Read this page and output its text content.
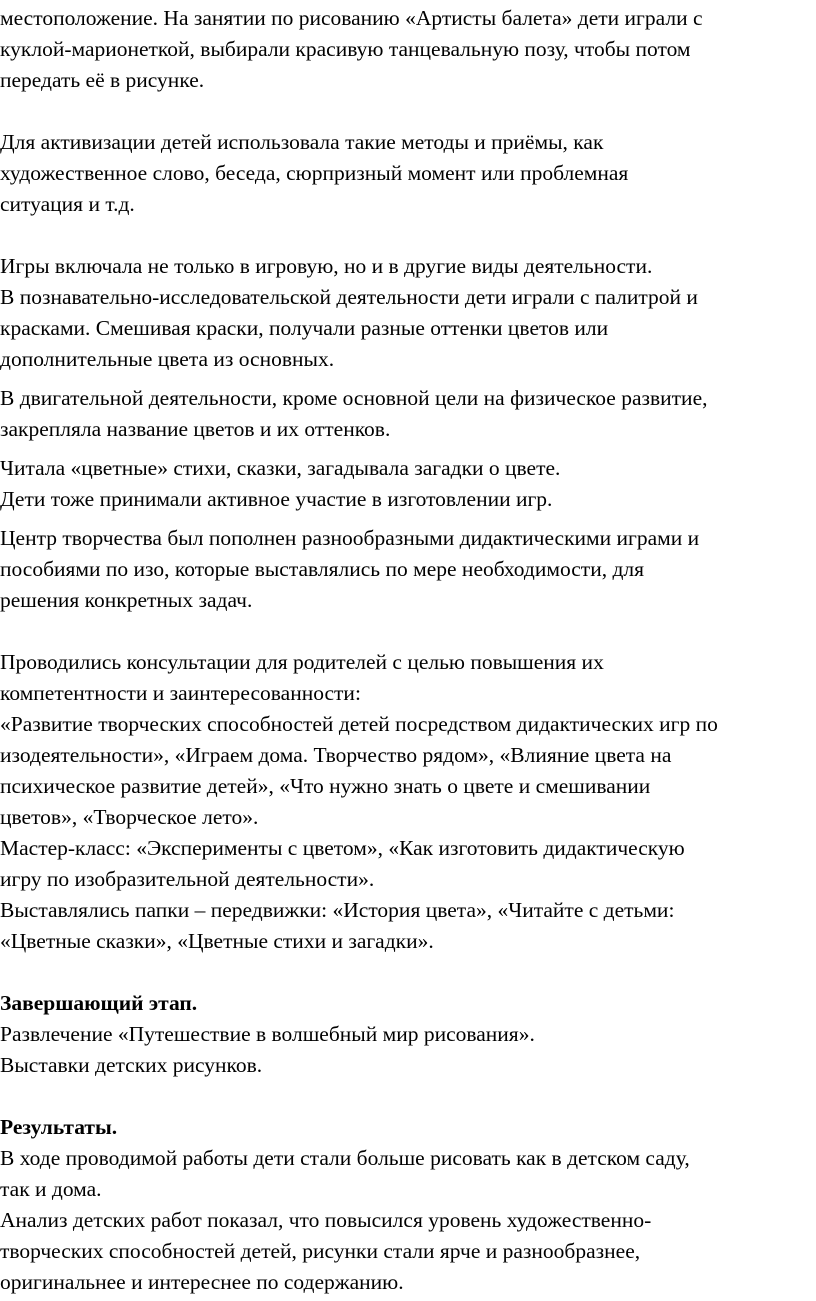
местоположение. На занятии по рисованию «Артисты балета» дети играли с
куклой-марионеткой, выбирали красивую танцевальную позу, чтобы потом
передать её в рисунке.
Для активизации детей использовала такие методы и приёмы, как
художественное слово, беседа, сюрпризный момент или проблемная
ситуация и т.д.
Игры включала не только в игровую, но и в другие виды деятельности.
В познавательно-исследовательской деятельности дети играли с палитрой и
красками. Смешивая краски, получали разные оттенки цветов или
дополнительные цвета из основных.
В двигательной деятельности, кроме основной цели на физическое развитие,
закрепляла название цветов и их оттенков.
Читала «цветные» стихи, сказки, загадывала загадки о цвете.
Дети тоже принимали активное участие в изготовлении игр.
Центр творчества был пополнен разнообразными дидактическими играми и
пособиями по изо, которые выставлялись по мере необходимости, для
решения конкретных задач.
Проводились консультации для родителей с целью повышения их
компетентности и заинтересованности:
«Развитие творческих способностей детей посредством дидактических игр по
изодеятельности», «Играем дома. Творчество рядом», «Влияние цвета на
психическое развитие детей», «Что нужно знать о цвете и смешивании
цветов», «Творческое лето».
Мастер-класс: «Эксперименты с цветом», «Как изготовить дидактическую
игру по изобразительной деятельности».
Выставлялись папки – передвижки: «История цвета», «Читайте с детьми:
«Цветные сказки», «Цветные стихи и загадки».
Завершающий этап.
Развлечение «Путешествие в волшебный мир рисования».
Выставки детских рисунков.
Результаты.
В ходе проводимой работы дети стали больше рисовать как в детском саду,
так и дома.
Анализ детских работ показал, что повысился уровень художественно-
творческих способностей детей, рисунки стали ярче и разнообразнее,
оригинальнее и интереснее по содержанию.
